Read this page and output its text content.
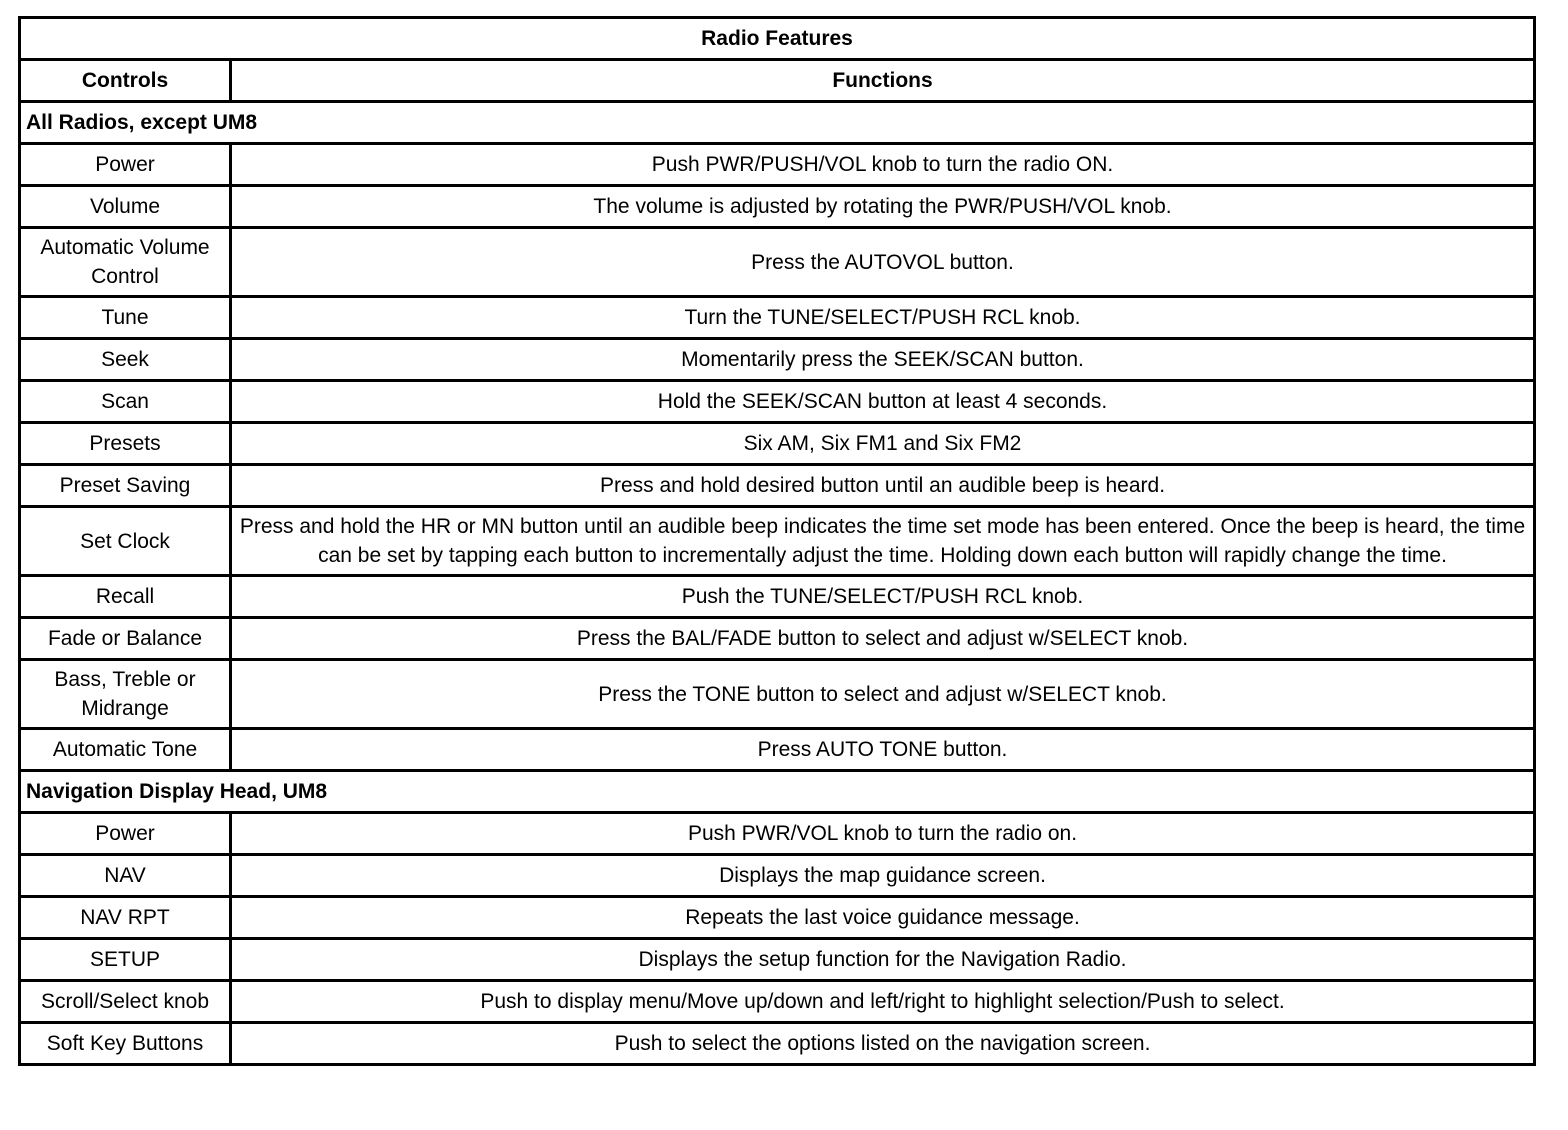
Radio Features	
Controls	Functions
All Radios, except UM8	
Power	Push PWR/PUSH/VOL knob to turn the radio ON.
Volume	The volume is adjusted by rotating the PWR/PUSH/VOL knob.
Automatic Volume Control	Press the AUTOVOL button.
Tune	Turn the TUNE/SELECT/PUSH RCL knob.
Seek	Momentarily press the SEEK/SCAN button.
Scan	Hold the SEEK/SCAN button at least 4 seconds.
Presets	Six AM, Six FM1 and Six FM2
Preset Saving	Press and hold desired button until an audible beep is heard.
Set Clock	Press and hold the HR or MN button until an audible beep indicates the time set mode has been entered. Once the beep is heard, the time can be set by tapping each button to incrementally adjust the time. Holding down each button will rapidly change the time.
Recall	Push the TUNE/SELECT/PUSH RCL knob.
Fade or Balance	Press the BAL/FADE button to select and adjust w/SELECT knob.
Bass, Treble or Midrange	Press the TONE button to select and adjust w/SELECT knob.
Automatic Tone	Press AUTO TONE button.
Navigation Display Head, UM8	
Power	Push PWR/VOL knob to turn the radio on.
NAV	Displays the map guidance screen.
NAV RPT	Repeats the last voice guidance message.
SETUP	Displays the setup function for the Navigation Radio.
Scroll/Select knob	Push to display menu/Move up/down and left/right to highlight selection/Push to select.
Soft Key Buttons	Push to select the options listed on the navigation screen.
